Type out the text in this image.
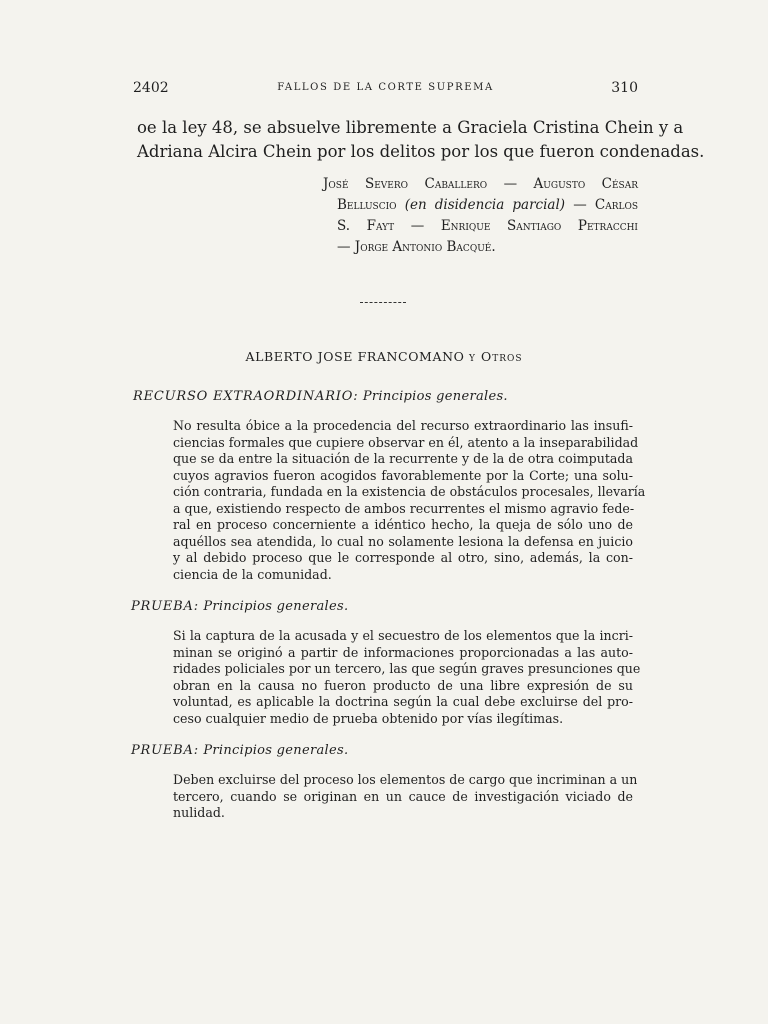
2402	FALLOS DE LA CORTE SUPREMA	310
oe la ley 48, se absuelve libremente a Graciela Cristina Chein y a
Adriana Alcira Chein por los delitos por los que fueron condenadas.
José Severo Caballero — Augusto César
Belluscio (en disidencia parcial) — Carlos
S. Fayt — Enrique Santiago Petracchi
— Jorge Antonio Bacqué.
ALBERTO JOSE FRANCOMANO y Otros
RECURSO EXTRAORDINARIO: Principios generales.
No resulta óbice a la procedencia del recurso extraordinario las insufi-
ciencias formales que cupiere observar en él, atento a la inseparabilidad
que se da entre la situación de la recurrente y de la de otra coimputada
cuyos agravios fueron acogidos favorablemente por la Corte; una solu-
ción contraria, fundada en la existencia de obstáculos procesales, llevaría
a que, existiendo respecto de ambos recurrentes el mismo agravio fede-
ral en proceso concerniente a idéntico hecho, la queja de sólo uno de
aquéllos sea atendida, lo cual no solamente lesiona la defensa en juicio
y al debido proceso que le corresponde al otro, sino, además, la con-
ciencia de la comunidad.
PRUEBA: Principios generales.
Si la captura de la acusada y el secuestro de los elementos que la incri-
minan se originó a partir de informaciones proporcionadas a las auto-
ridades policiales por un tercero, las que según graves presunciones que
obran en la causa no fueron producto de una libre expresión de su
voluntad, es aplicable la doctrina según la cual debe excluirse del pro-
ceso cualquier medio de prueba obtenido por vías ilegítimas.
PRUEBA: Principios generales.
Deben excluirse del proceso los elementos de cargo que incriminan a un
tercero, cuando se originan en un cauce de investigación viciado de
nulidad.
